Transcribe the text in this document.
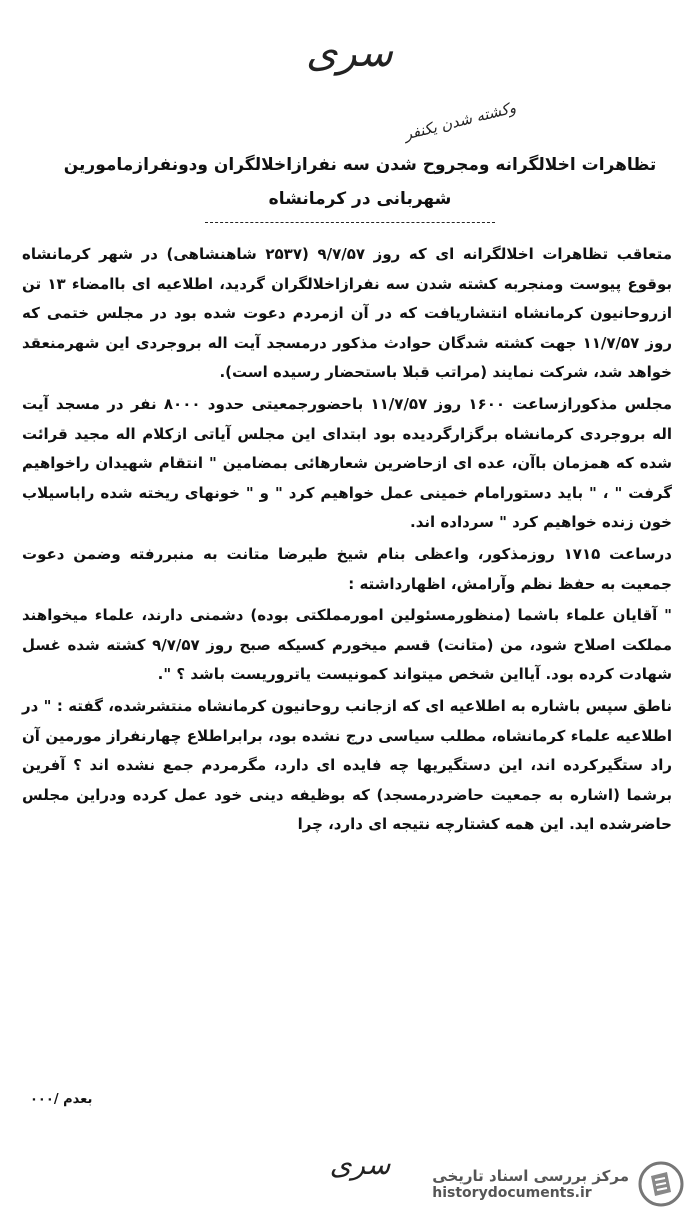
سری
وکشته شدن یکنفر
تظاهرات اخلالگرانه ومجروح شدن سه نفرازاخلالگران ودونفرازمامورین
شهربانی در کرمانشاه

متعاقب تظاهرات اخلالگرانه ای که روز ۹/۷/۵۷ (۲۵۳۷ شاهنشاهی) در شهر کرمانشاه بوقوع پیوست ومنجربه کشته شدن سه نفرازاخلالگران گردید، اطلاعیه ای باامضاء ۱۳ تن ازروحانیون کرمانشاه انتشاریافت که در آن ازمردم دعوت شده بود در مجلس ختمی که روز ۱۱/۷/۵۷ جهت کشته شدگان حوادث مذکور درمسجد آیت اله بروجردی این شهرمنعقد خواهد شد، شرکت نمایند (مراتب قبلا باستحضار رسیده است).

مجلس مذکورازساعت ۱۶۰۰ روز ۱۱/۷/۵۷ باحضورجمعیتی حدود ۸۰۰۰ نفر در مسجد آیت اله بروجردی کرمانشاه برگزارگردیده بود ابتدای این مجلس آیاتی ازکلام اله مجید قرائت شده که همزمان باآن، عده ای ازحاضرین شعارهائی بمضامین " انتقام شهیدان راخواهیم گرفت " ، " باید دستورامام خمینی عمل خواهیم کرد " و " خونهای ریخته شده راباسیلاب خون زنده خواهیم کرد " سرداده اند.

درساعت ۱۷۱۵ روزمذکور، واعظی بنام شیخ طیرضا متانت به منبررفته وضمن دعوت جمعیت به حفظ نظم وآرامش، اظهارداشته :

" آقایان علماء باشما (منظورمسئولین امورمملکتی بوده) دشمنی دارند، علماء میخواهند مملکت اصلاح شود، من (متانت) قسم میخورم کسیکه صبح روز ۹/۷/۵۷ کشته شده غسل شهادت کرده بود. آیااین شخص میتواند کمونیست یاتروریست باشد ؟ ".

ناطق سپس باشاره به اطلاعیه ای که ازجانب روحانیون کرمانشاه منتشرشده، گفته : " در اطلاعیه علماء کرمانشاه، مطلب سیاسی درج نشده بود، برابراطلاع چهارنفراز مورمین آن راد ستگیرکرده اند، این دستگیریها چه فایده ای دارد، مگرمردم جمع نشده اند ؟ آفرین برشما (اشاره به جمعیت حاضردرمسجد) که بوظیفه دینی خود عمل کرده ودراین مجلس حاضرشده اید. این همه کشتارچه نتیجه ای دارد، چرا

بعدم /۰۰۰
سری	مرکز بررسی اسناد تاریخی
historydocuments.ir
